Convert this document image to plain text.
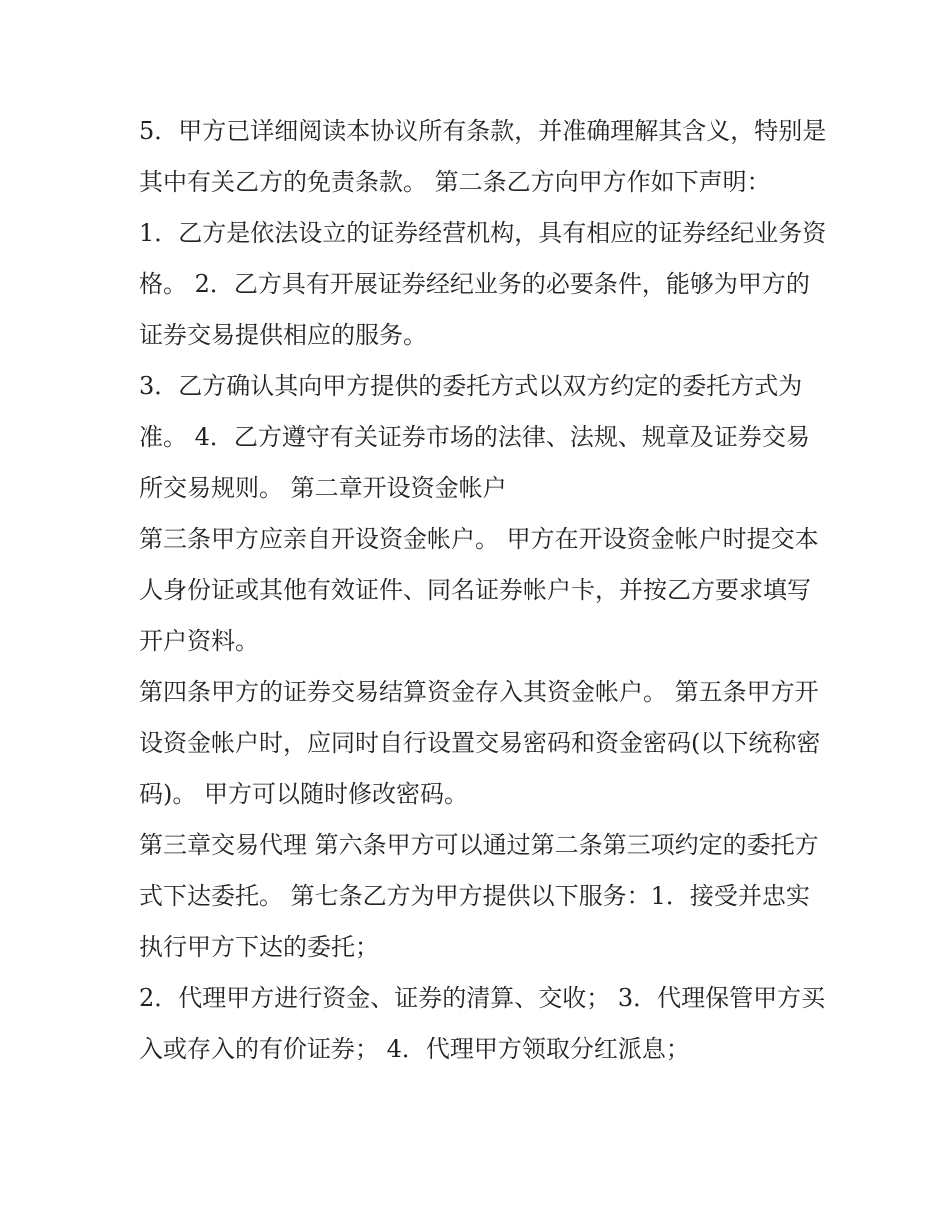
5．甲方已详细阅读本协议所有条款，并准确理解其含义，特别是其中有关乙方的免责条款。 第二条乙方向甲方作如下声明：

1．乙方是依法设立的证券经营机构，具有相应的证券经纪业务资格。 2．乙方具有开展证券经纪业务的必要条件，能够为甲方的证券交易提供相应的服务。

3．乙方确认其向甲方提供的委托方式以双方约定的委托方式为准。 4．乙方遵守有关证券市场的法律、法规、规章及证券交易所交易规则。 第二章开设资金帐户

第三条甲方应亲自开设资金帐户。 甲方在开设资金帐户时提交本人身份证或其他有效证件、同名证券帐户卡，并按乙方要求填写开户资料。

第四条甲方的证券交易结算资金存入其资金帐户。 第五条甲方开设资金帐户时，应同时自行设置交易密码和资金密码(以下统称密码)。 甲方可以随时修改密码。

第三章交易代理 第六条甲方可以通过第二条第三项约定的委托方式下达委托。 第七条乙方为甲方提供以下服务：1．接受并忠实执行甲方下达的委托；

2．代理甲方进行资金、证券的清算、交收； 3．代理保管甲方买入或存入的有价证券； 4．代理甲方领取分红派息；
